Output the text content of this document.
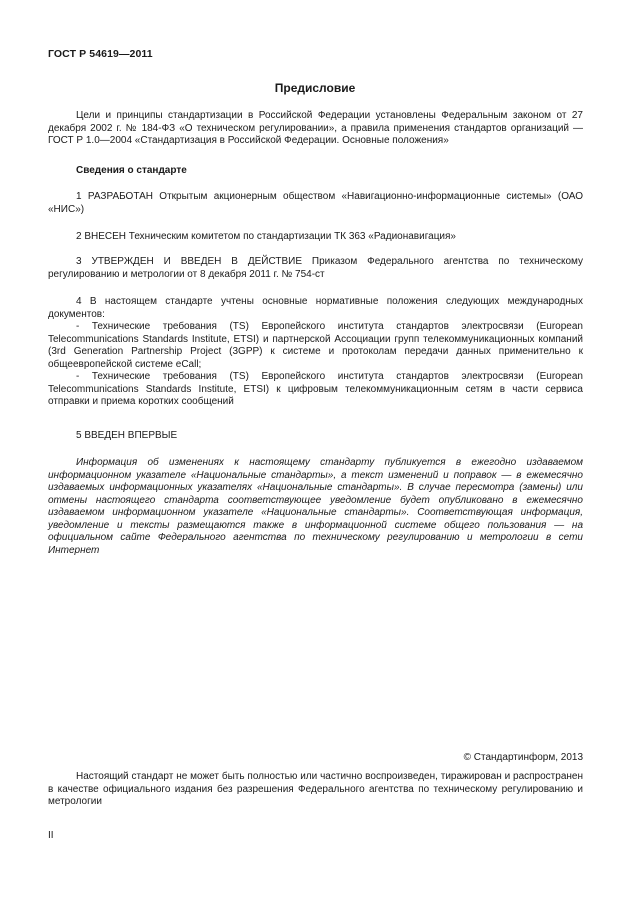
ГОСТ Р 54619—2011
Предисловие

Цели и принципы стандартизации в Российской Федерации установлены Федеральным законом от 27 декабря 2002 г. № 184-ФЗ «О техническом регулировании», а правила применения стандартов организаций — ГОСТ Р 1.0—2004 «Стандартизация в Российской Федерации. Основные положения»

Сведения о стандарте

1 РАЗРАБОТАН Открытым акционерным обществом «Навигационно-информационные системы» (ОАО «НИС»)

2 ВНЕСЕН Техническим комитетом по стандартизации ТК 363 «Радионавигация»

3 УТВЕРЖДЕН И ВВЕДЕН В ДЕЙСТВИЕ Приказом Федерального агентства по техническому регулированию и метрологии от 8 декабря 2011 г. № 754-ст

4 В настоящем стандарте учтены основные нормативные положения следующих международных документов:

- Технические требования (TS) Европейского института стандартов электросвязи (European Telecommunications Standards Institute, ETSI) и партнерской Ассоциации групп телекоммуникационных компаний (3rd Generation Partnership Project (3GPP) к системе и протоколам передачи данных применительно к общеевропейской системе eCall;

- Технические требования (TS) Европейского института стандартов электросвязи (European Telecommunications Standards Institute, ETSI) к цифровым телекоммуникационным сетям в части сервиса отправки и приема коротких сообщений

5 ВВЕДЕН ВПЕРВЫЕ

Информация об изменениях к настоящему стандарту публикуется в ежегодно издаваемом информационном указателе «Национальные стандарты», а текст изменений и поправок — в ежемесячно издаваемых информационных указателях «Национальные стандарты». В случае пересмотра (замены) или отмены настоящего стандарта соответствующее уведомление будет опубликовано в ежемесячно издаваемом информационном указателе «Национальные стандарты». Соответствующая информация, уведомление и тексты размещаются также в информационной системе общего пользования — на официальном сайте Федерального агентства по техническому регулированию и метрологии в сети Интернет

© Стандартинформ, 2013

Настоящий стандарт не может быть полностью или частично воспроизведен, тиражирован и распространен в качестве официального издания без разрешения Федерального агентства по техническому регулированию и метрологии

II
